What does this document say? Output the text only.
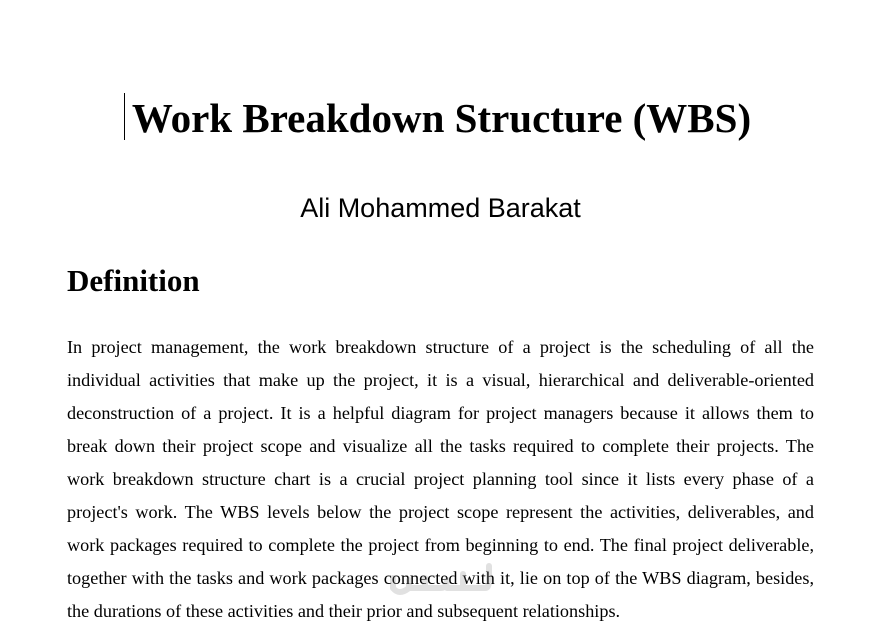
Work Breakdown Structure (WBS)
Ali Mohammed Barakat
Definition

In project management, the work breakdown structure of a project is the scheduling of all the individual activities that make up the project, it is a visual, hierarchical and deliverable-oriented deconstruction of a project. It is a helpful diagram for project managers because it allows them to break down their project scope and visualize all the tasks required to complete their projects. The work breakdown structure chart is a crucial project planning tool since it lists every phase of a project's work. The WBS levels below the project scope represent the activities, deliverables, and work packages required to complete the project from beginning to end. The final project deliverable, together with the tasks and work packages connected with it, lie on top of the WBS diagram, besides, the durations of these activities and their prior and subsequent relationships.
